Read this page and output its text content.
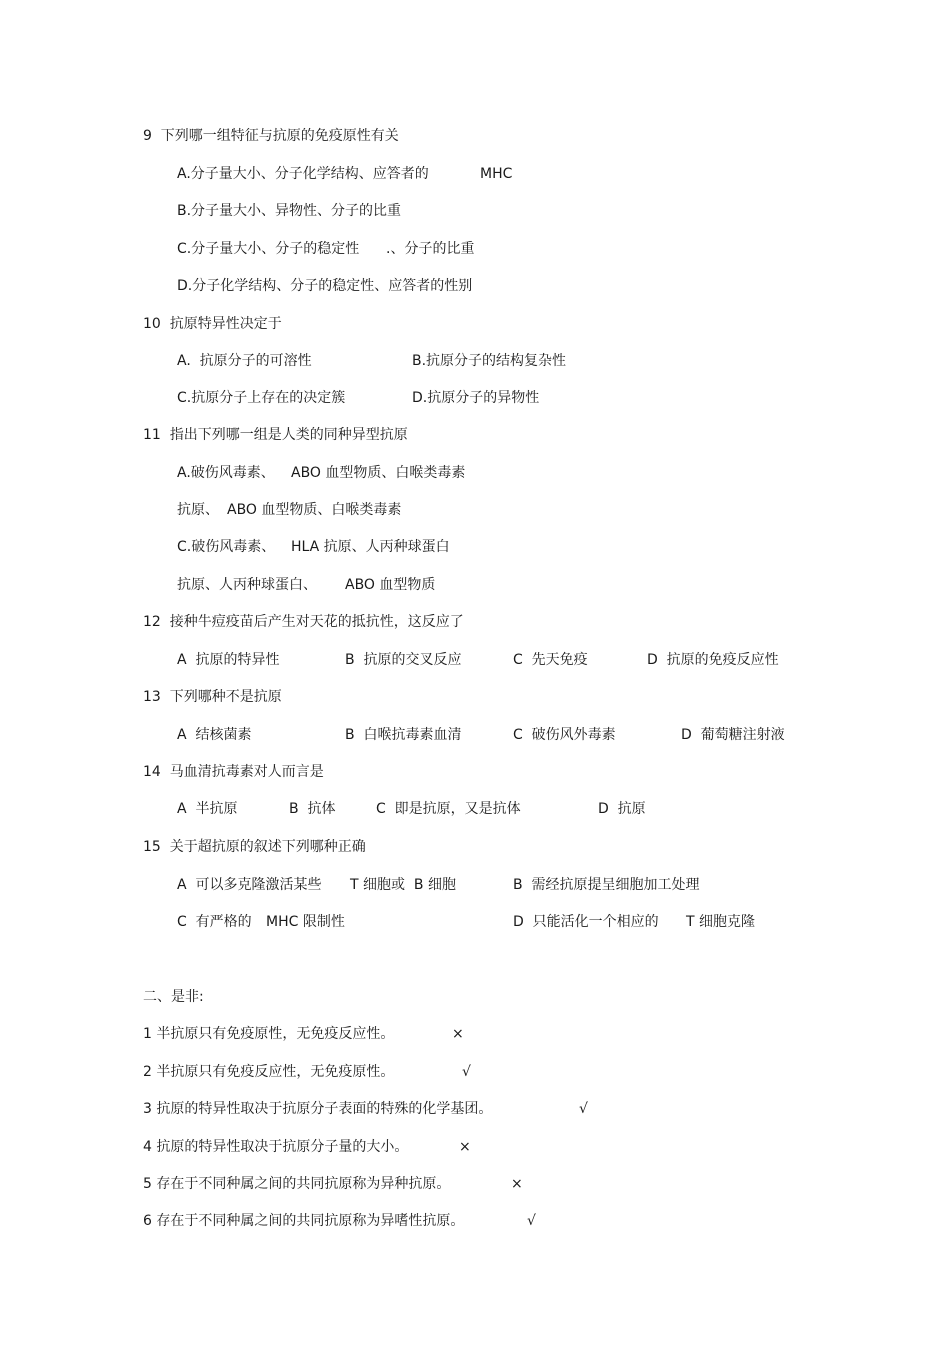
9  下列哪一组特征与抗原的免疫原性有关
A.分子量大小、分子化学结构、应答者的	MHC
B.分子量大小、异物性、分子的比重
C.分子量大小、分子的稳定性 .、分子的比重
D.分子化学结构、分子的稳定性、应答者的性别
10  抗原特异性决定于
A.  抗原分子的可溶性	B.抗原分子的结构复杂性
C.抗原分子上存在的决定簇	D.抗原分子的异物性
11  指出下列哪一组是人类的同种异型抗原
A.破伤风毒素、 ABO 血型物质、白喉类毒素
抗原、 ABO 血型物质、白喉类毒素
C.破伤风毒素、 HLA 抗原、人丙种球蛋白
抗原、人丙种球蛋白、 ABO 血型物质
12  接种牛痘疫苗后产生对天花的抵抗性，这反应了
A  抗原的特异性	B  抗原的交叉反应	C  先天免疫	D  抗原的免疫反应性
13  下列哪种不是抗原
A  结核菌素	B  白喉抗毒素血清	C  破伤风外毒素	D  葡萄糖注射液
14  马血清抗毒素对人而言是
A  半抗原	B  抗体	C  即是抗原，又是抗体	D  抗原
15  关于超抗原的叙述下列哪种正确
A  可以多克隆激活某些 T 细胞或  B 细胞	B  需经抗原提呈细胞加工处理
C  有严格的 MHC 限制性	D  只能活化一个相应的 T 细胞克隆
二、是非:
1 半抗原只有免疫原性，无免疫反应性。	×
2 半抗原只有免疫反应性，无免疫原性。	√
3 抗原的特异性取决于抗原分子表面的特殊的化学基团。	√
4 抗原的特异性取决于抗原分子量的大小。	×
5 存在于不同种属之间的共同抗原称为异种抗原。	×
6 存在于不同种属之间的共同抗原称为异嗜性抗原。	√
